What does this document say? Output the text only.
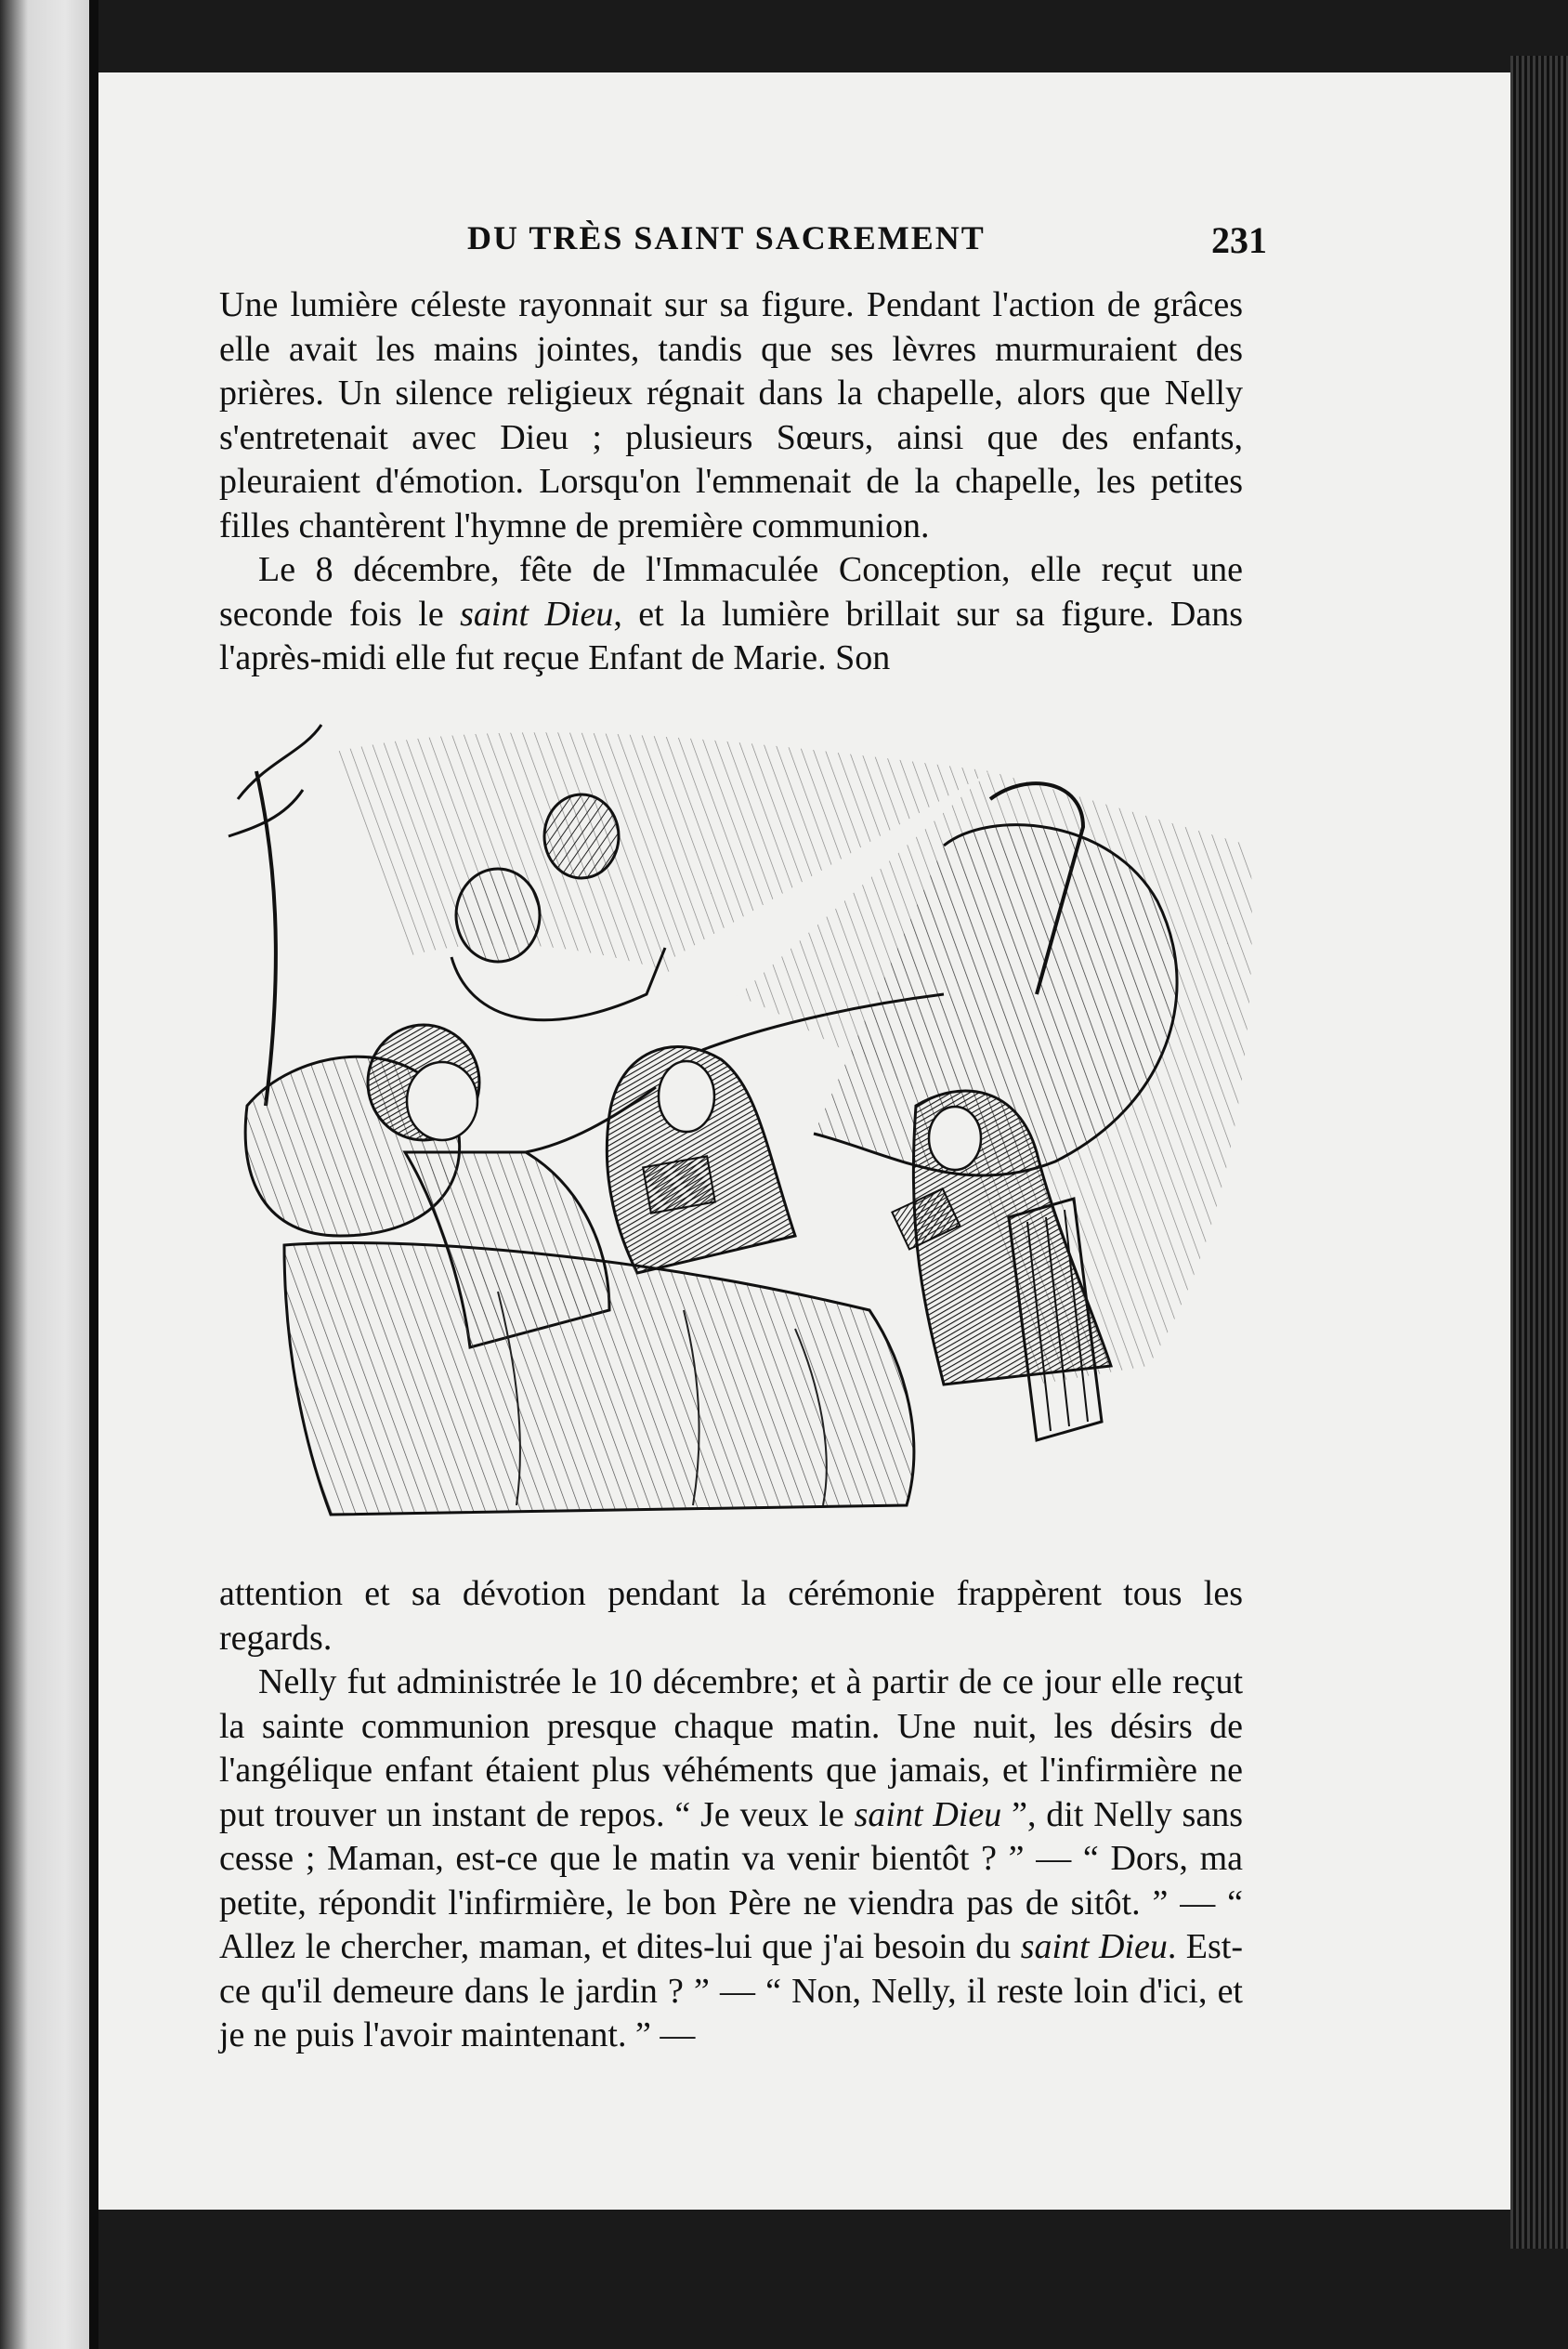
DU TRÈS SAINT SACREMENT	231

Une lumière céleste rayonnait sur sa figure. Pendant l'action de grâces elle avait les mains jointes, tandis que ses lèvres murmuraient des prières. Un silence religieux régnait dans la chapelle, alors que Nelly s'entretenait avec Dieu ; plusieurs Sœurs, ainsi que des enfants, pleuraient d'émotion. Lorsqu'on l'emmenait de la chapelle, les petites filles chantèrent l'hymne de première communion.

Le 8 décembre, fête de l'Immaculée Conception, elle reçut une seconde fois le saint Dieu, et la lumière brillait sur sa figure. Dans l'après-midi elle fut reçue Enfant de Marie. Son

attention et sa dévotion pendant la cérémonie frappèrent tous les regards.

Nelly fut administrée le 10 décembre; et à partir de ce jour elle reçut la sainte communion presque chaque matin. Une nuit, les désirs de l'angélique enfant étaient plus véhéments que jamais, et l'infirmière ne put trouver un instant de repos. “ Je veux le saint Dieu ”, dit Nelly sans cesse ; Maman, est-ce que le matin va venir bientôt ? ” — “ Dors, ma petite, répondit l'infirmière, le bon Père ne viendra pas de sitôt. ” — “ Allez le chercher, maman, et dites-lui que j'ai besoin du saint Dieu. Est-ce qu'il demeure dans le jardin ? ” — “ Non, Nelly, il reste loin d'ici, et je ne puis l'avoir maintenant. ” —
